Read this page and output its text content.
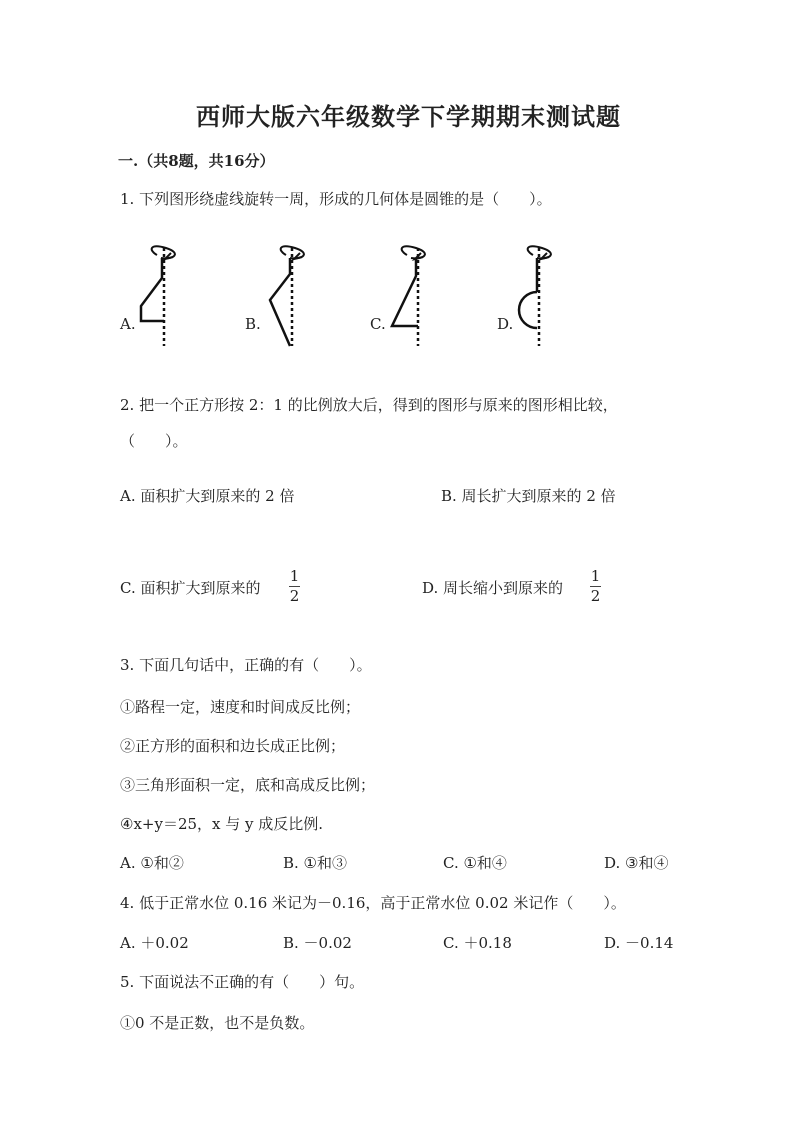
西师大版六年级数学下学期期末测试题
一.（共8题，共16分）
1. 下列图形绕虚线旋转一周，形成的几何体是圆锥的是（　　）。
A.	B.	C.	D.
2. 把一个正方形按 2：1 的比例放大后，得到的图形与原来的图形相比较，
（　　）。
A. 面积扩大到原来的 2 倍	B. 周长扩大到原来的 2 倍
C. 面积扩大到原来的
1
2	D. 周长缩小到原来的
1
2
3. 下面几句话中，正确的有（　　）。
①路程一定，速度和时间成反比例；
②正方形的面积和边长成正比例；
③三角形面积一定，底和高成反比例；
④x+y＝25，x 与 y 成反比例.
A. ①和②	B. ①和③	C. ①和④	D. ③和④
4. 低于正常水位 0.16 米记为－0.16，高于正常水位 0.02 米记作（　　）。
A. ＋0.02	B. －0.02	C. ＋0.18	D. －0.14
5. 下面说法不正确的有（　　）句。
①0 不是正数，也不是负数。
